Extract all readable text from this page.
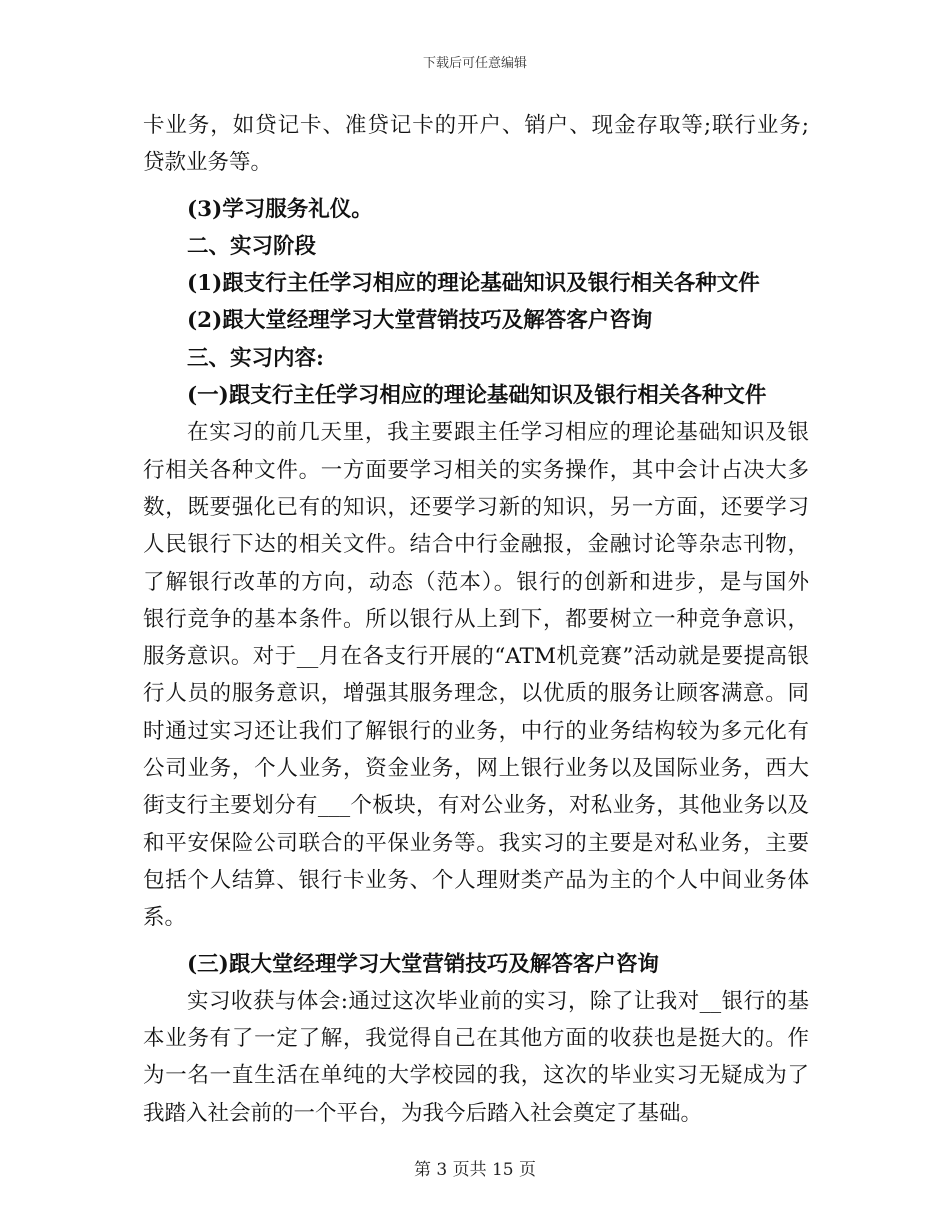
下载后可任意编辑
卡业务，如贷记卡、准贷记卡的开户、销户、现金存取等;联行业务;
贷款业务等。
(3)学习服务礼仪。
二、实习阶段
(1)跟支行主任学习相应的理论基础知识及银行相关各种文件
(2)跟大堂经理学习大堂营销技巧及解答客户咨询
三、实习内容:
(一)跟支行主任学习相应的理论基础知识及银行相关各种文件
在实习的前几天里，我主要跟主任学习相应的理论基础知识及银
行相关各种文件。一方面要学习相关的实务操作，其中会计占决大多
数，既要强化已有的知识，还要学习新的知识，另一方面，还要学习
人民银行下达的相关文件。结合中行金融报，金融讨论等杂志刊物，
了解银行改革的方向，动态（范本）。银行的创新和进步，是与国外
银行竞争的基本条件。所以银行从上到下，都要树立一种竞争意识，
服务意识。对于__月在各支行开展的“ATM机竞赛”活动就是要提高银
行人员的服务意识，增强其服务理念，以优质的服务让顾客满意。同
时通过实习还让我们了解银行的业务，中行的业务结构较为多元化有
公司业务，个人业务，资金业务，网上银行业务以及国际业务，西大
街支行主要划分有___个板块，有对公业务，对私业务，其他业务以及
和平安保险公司联合的平保业务等。我实习的主要是对私业务，主要
包括个人结算、银行卡业务、个人理财类产品为主的个人中间业务体
系。
(三)跟大堂经理学习大堂营销技巧及解答客户咨询
实习收获与体会:通过这次毕业前的实习，除了让我对__银行的基
本业务有了一定了解，我觉得自己在其他方面的收获也是挺大的。作
为一名一直生活在单纯的大学校园的我，这次的毕业实习无疑成为了
我踏入社会前的一个平台，为我今后踏入社会奠定了基础。
第 3 页共 15 页
